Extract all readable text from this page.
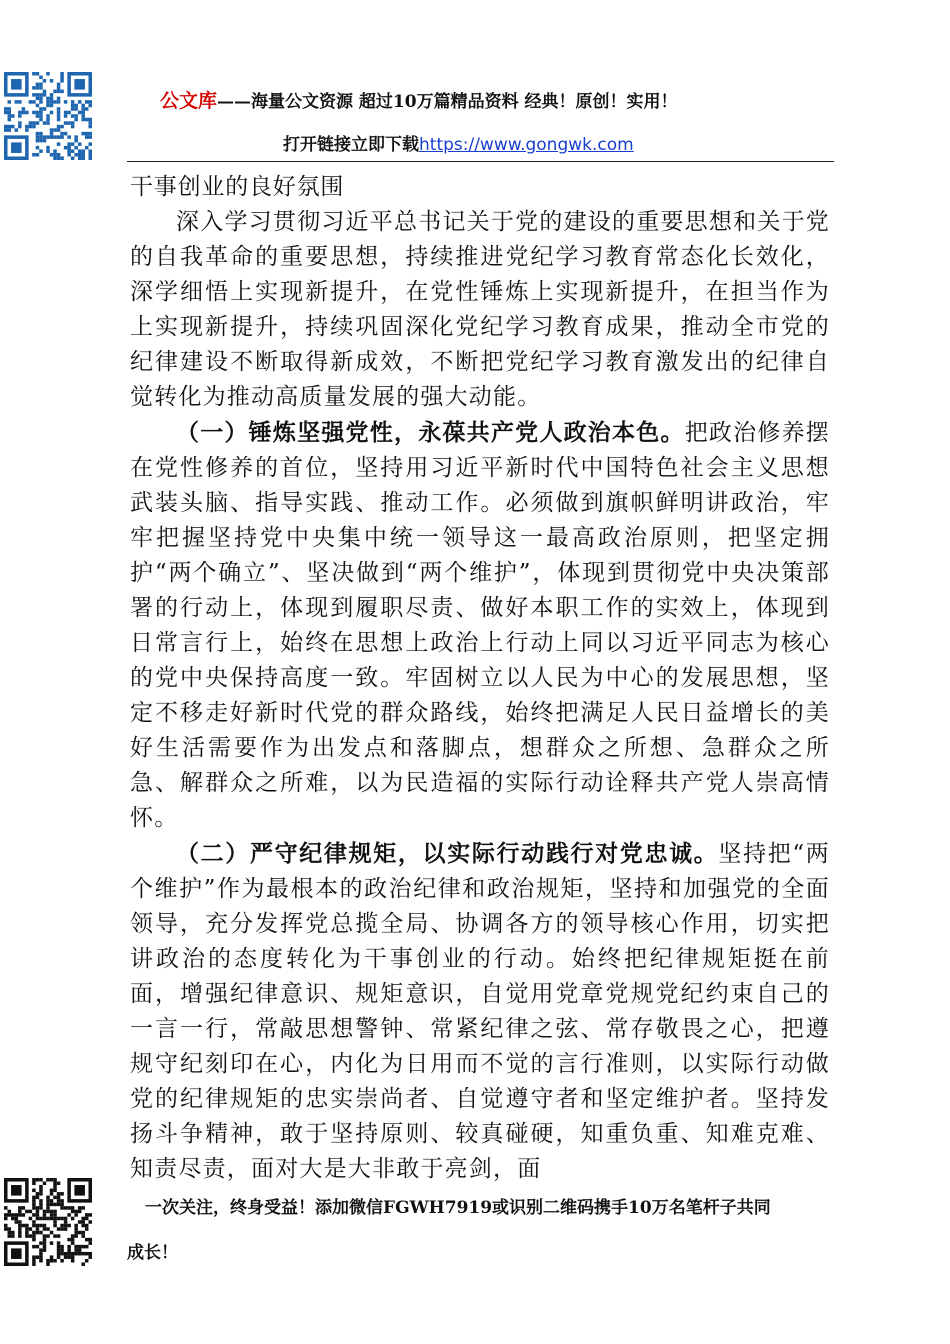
公文库——海量公文资源 超过10万篇精品资料 经典！原创！实用！
打开链接立即下载https://www.gongwk.com
干事创业的良好氛围

深入学习贯彻习近平总书记关于党的建设的重要思想和关于党的自我革命的重要思想，持续推进党纪学习教育常态化长效化，深学细悟上实现新提升，在党性锤炼上实现新提升，在担当作为上实现新提升，持续巩固深化党纪学习教育成果，推动全市党的纪律建设不断取得新成效，不断把党纪学习教育激发出的纪律自觉转化为推动高质量发展的强大动能。

（一）锤炼坚强党性，永葆共产党人政治本色。把政治修养摆在党性修养的首位，坚持用习近平新时代中国特色社会主义思想武装头脑、指导实践、推动工作。必须做到旗帜鲜明讲政治，牢牢把握坚持党中央集中统一领导这一最高政治原则，把坚定拥护“两个确立”、坚决做到“两个维护”，体现到贯彻党中央决策部署的行动上，体现到履职尽责、做好本职工作的实效上，体现到日常言行上，始终在思想上政治上行动上同以习近平同志为核心的党中央保持高度一致。牢固树立以人民为中心的发展思想，坚定不移走好新时代党的群众路线，始终把满足人民日益增长的美好生活需要作为出发点和落脚点，想群众之所想、急群众之所急、解群众之所难，以为民造福的实际行动诠释共产党人崇高情怀。

（二）严守纪律规矩，以实际行动践行对党忠诚。坚持把“两个维护”作为最根本的政治纪律和政治规矩，坚持和加强党的全面领导，充分发挥党总揽全局、协调各方的领导核心作用，切实把讲政治的态度转化为干事创业的行动。始终把纪律规矩挺在前面，增强纪律意识、规矩意识，自觉用党章党规党纪约束自己的一言一行，常敲思想警钟、常紧纪律之弦、常存敬畏之心，把遵规守纪刻印在心，内化为日用而不觉的言行准则，以实际行动做党的纪律规矩的忠实崇尚者、自觉遵守者和坚定维护者。坚持发扬斗争精神，敢于坚持原则、较真碰硬，知重负重、知难克难、知责尽责，面对大是大非敢于亮剑，面

一次关注，终身受益！添加微信FGWH7919或识别二维码携手10万名笔杆子共同
成长！
